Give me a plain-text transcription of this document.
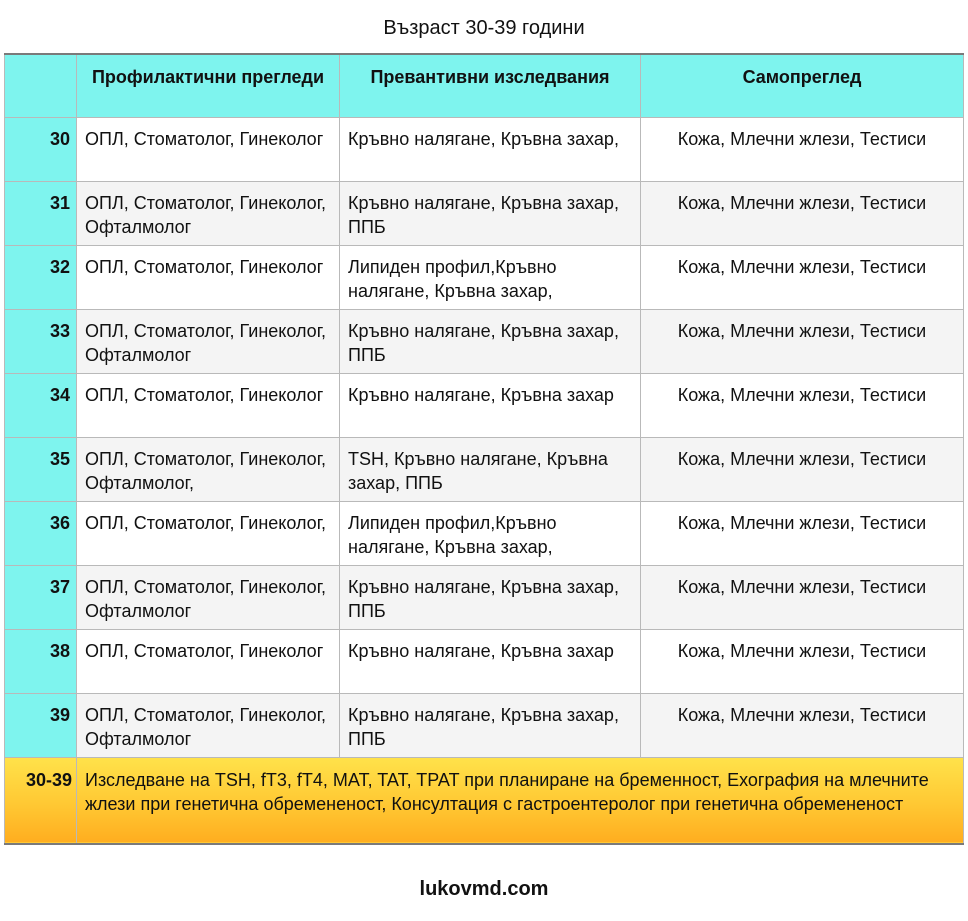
Възраст 30-39 години
	Профилактични прегледи	Превантивни изследвания	Самопреглед
30	ОПЛ, Стоматолог, Гинеколог	Кръвно налягане, Кръвна захар,	Кожа, Млечни жлези, Тестиси
31	ОПЛ, Стоматолог, Гинеколог, Офталмолог	Кръвно налягане, Кръвна захар, ППБ	Кожа, Млечни жлези, Тестиси
32	ОПЛ, Стоматолог, Гинеколог	Липиден профил,Кръвно налягане, Кръвна захар,	Кожа, Млечни жлези, Тестиси
33	ОПЛ, Стоматолог, Гинеколог, Офталмолог	Кръвно налягане, Кръвна захар, ППБ	Кожа, Млечни жлези, Тестиси
34	ОПЛ, Стоматолог, Гинеколог	Кръвно налягане, Кръвна захар	Кожа, Млечни жлези, Тестиси
35	ОПЛ, Стоматолог, Гинеколог, Офталмолог,	TSH, Кръвно налягане, Кръвна захар, ППБ	Кожа, Млечни жлези, Тестиси
36	ОПЛ, Стоматолог, Гинеколог,	Липиден профил,Кръвно налягане, Кръвна захар,	Кожа, Млечни жлези, Тестиси
37	ОПЛ, Стоматолог, Гинеколог, Офталмолог	Кръвно налягане, Кръвна захар, ППБ	Кожа, Млечни жлези, Тестиси
38	ОПЛ, Стоматолог, Гинеколог	Кръвно налягане, Кръвна захар	Кожа, Млечни жлези, Тестиси
39	ОПЛ, Стоматолог, Гинеколог, Офталмолог	Кръвно налягане, Кръвна захар, ППБ	Кожа, Млечни жлези, Тестиси
30-39	Изследване на TSH, fT3, fT4, MAT, TAT, TPAT при планиране на бременност, Ехография на млечните жлези при генетична обремененост, Консултация с гастроентеролог при генетична обремененост		
lukovmd.com
